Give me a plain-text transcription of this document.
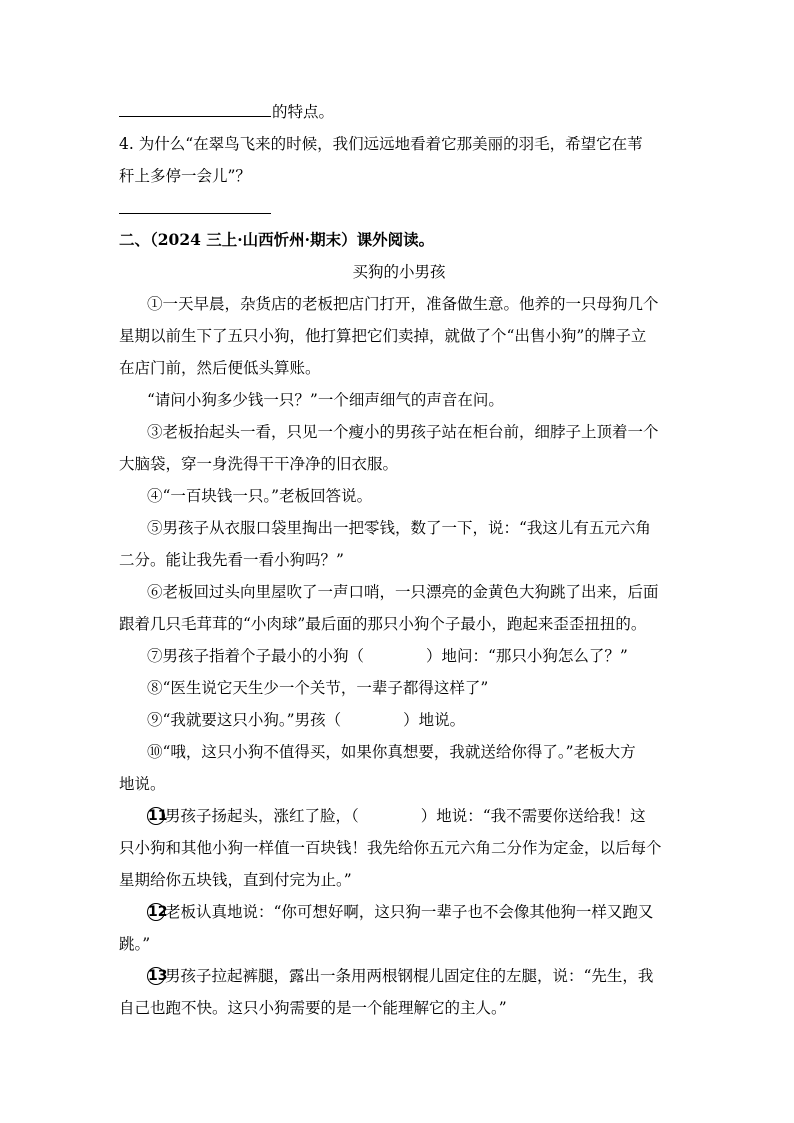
的特点。
4. 为什么“在翠鸟飞来的时候，我们远远地看着它那美丽的羽毛，希望它在苇
秆上多停一会儿”？
二、（2024 三上·山西忻州·期末）课外阅读。
买狗的小男孩
①一天早晨，杂货店的老板把店门打开，准备做生意。他养的一只母狗几个
星期以前生下了五只小狗，他打算把它们卖掉，就做了个“出售小狗”的牌子立
在店门前，然后便低头算账。
“请问小狗多少钱一只？”一个细声细气的声音在问。
③老板抬起头一看，只见一个瘦小的男孩子站在柜台前，细脖子上顶着一个
大脑袋，穿一身洗得干干净净的旧衣服。
④“一百块钱一只。”老板回答说。
⑤男孩子从衣服口袋里掏出一把零钱，数了一下，说：“我这儿有五元六角
二分。能让我先看一看小狗吗？”
⑥老板回过头向里屋吹了一声口哨，一只漂亮的金黄色大狗跳了出来，后面
跟着几只毛茸茸的“小肉球”最后面的那只小狗个子最小，跑起来歪歪扭扭的。
⑦男孩子指着个子最小的小狗（　　　　）地问：“那只小狗怎么了？”
⑧“医生说它天生少一个关节，一辈子都得这样了”
⑨“我就要这只小狗。”男孩（　　　　）地说。
⑩“哦，这只小狗不值得买，如果你真想要，我就送给你得了。”老板大方
地说。
11男孩子扬起头，涨红了脸，（　　　　）地说：“我不需要你送给我！这
只小狗和其他小狗一样值一百块钱！我先给你五元六角二分作为定金，以后每个
星期给你五块钱，直到付完为止。”
12老板认真地说：“你可想好啊，这只狗一辈子也不会像其他狗一样又跑又
跳。”
13男孩子拉起裤腿，露出一条用两根钢棍儿固定住的左腿，说：“先生，我
自己也跑不快。这只小狗需要的是一个能理解它的主人。”
